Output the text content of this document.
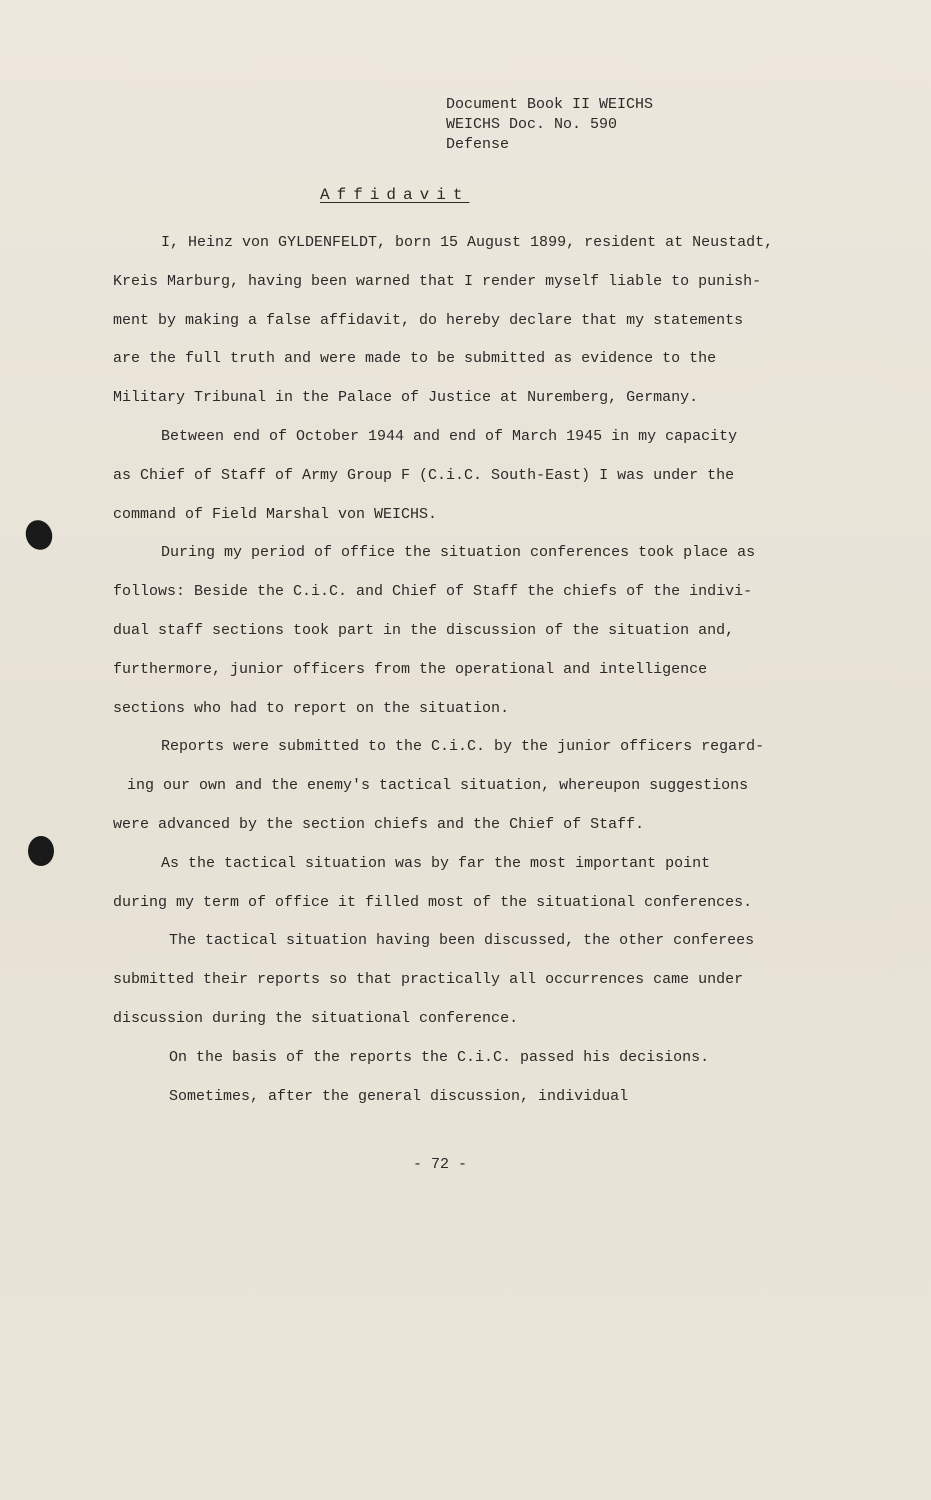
Document Book II WEICHS
WEICHS Doc. No. 590
Defense
Affidavit
I, Heinz von GYLDENFELDT, born 15 August 1899, resident at Neustadt,
Kreis Marburg, having been warned that I render myself liable to punish-
ment by making a false affidavit, do hereby declare that my statements
are the full truth and were made to be submitted as evidence to the
Military Tribunal in the Palace of Justice at Nuremberg, Germany.
Between end of October 1944 and end of March 1945 in my capacity
as Chief of Staff of Army Group F (C.i.C. South-East) I was under the
command of Field Marshal von WEICHS.
During my period of office the situation conferences took place as
follows: Beside the C.i.C. and Chief of Staff the chiefs of the indivi-
dual staff sections took part in the discussion of the situation and,
furthermore, junior officers from the operational and intelligence
sections who had to report on the situation.
Reports were submitted to the C.i.C. by the junior officers regard-
ing our own and the enemy's tactical situation, whereupon suggestions
were advanced by the section chiefs and the Chief of Staff.
As the tactical situation was by far the most important point
during my term of office it filled most of the situational conferences.
The tactical situation having been discussed, the other conferees
submitted their reports so that practically all occurrences came under
discussion during the situational conference.
On the basis of the reports the C.i.C. passed his decisions.
Sometimes, after the general discussion, individual
- 72 -
